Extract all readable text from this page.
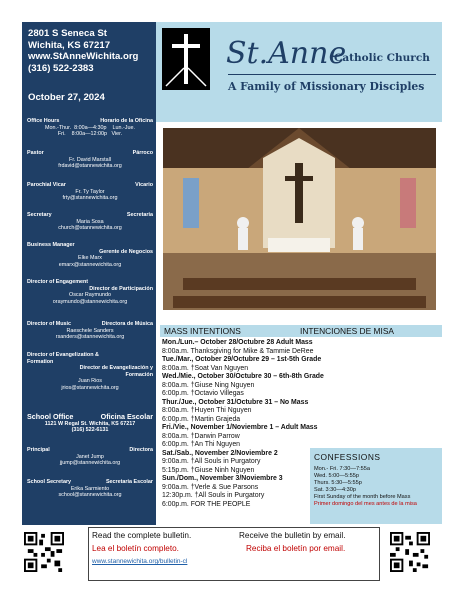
2801 S Seneca St
Wichita, KS 67217
www.StAnneWichita.org
(316) 522-2383
October 27, 2024
Office Hours	Horario de la Oficina
Mon.-Thur.  8:00a—4:30p    Lun.-Jue.
Fri.    8:00a—12:00p   Vier.
Pastor	Párroco
Fr. David Marstall
frdavid@stannewichita.org
Parochial Vicar	Vicario
Fr. Ty Taylor
frty@stannewichita.org
Secretary	Secretaria
Maria Sosa
church@stannewichita.org
Business Manager
Gerente de Negocios
Elke Marx
emarx@stannewichita.org
Director of Engagement
Director de Participación
Oscar Raymundo
oraymundo@stannewichita.org
Director of Music	Directora de Música
Raeschele Sanders
rsanders@stannewichita.org
Director of Evangelization & Formation
Director de Evangelización y Formación
Juan Rios
jrios@stannewichita.org
School Office	Oficina Escolar
1121 W Regal St. Wichita, KS 67217
(316) 522-6131
Principal	Directora
Janet Jump
jjump@stannewichita.org
School Secretary	Secretaria Escolar
Erika Sarmiento
school@stannewichita.org
St.Anne
Catholic Church
A Family of Missionary Disciples
MASS INTENTIONS	INTENCIONES DE MISA
Mon./Lun.– October 28/Octubre 28 Adult Mass
8:00a.m. Thanksgiving for Mike & Tammie DeRee
Tue./Mar., October 29/Octubre 29 – 1st-5th Grade
8:00a.m. †Soat Van Nguyen
Wed./Mie., October 30/Octubre 30 – 6th-8th Grade
8:00a.m. †Giuse Ning Nguyen
6:00p.m. †Octavio Villegas
Thur./Jue., October 31/Octubre 31 – No Mass
8:00a.m. †Huyen Thi Nguyen
6:00p.m. †Martin Grajeda
Fri./Vie., November 1/Noviembre 1 – Adult Mass
8:00a.m. †Darwin Parrow
6:00p.m. †An Thi Nguyen
Sat./Sab., November 2/Noviembre 2
9:00a.m. †All Souls in Purgatory
5:15p.m. †Giuse Ninh Nguyen
Sun./Dom., November 3/Noviembre 3
9:00a.m. †Verle & Sue Parsons
12:30p.m. †All Souls in Purgatory
6:00p.m. FOR THE PEOPLE
CONFESSIONS
Mon.- Fri. 7:30—7:55a
Wed. 5:00—5:55p
Thurs. 5:30—5:55p
Sat. 3:30—4:30p
First Sunday of the month before Mass
Primer domingo del mes antes de la misa
Read the complete bulletin.
Lea el boletín completo.
Receive the bulletin by email.
Reciba el boletín por email.
www.stannewichita.org/bulletin-cl
